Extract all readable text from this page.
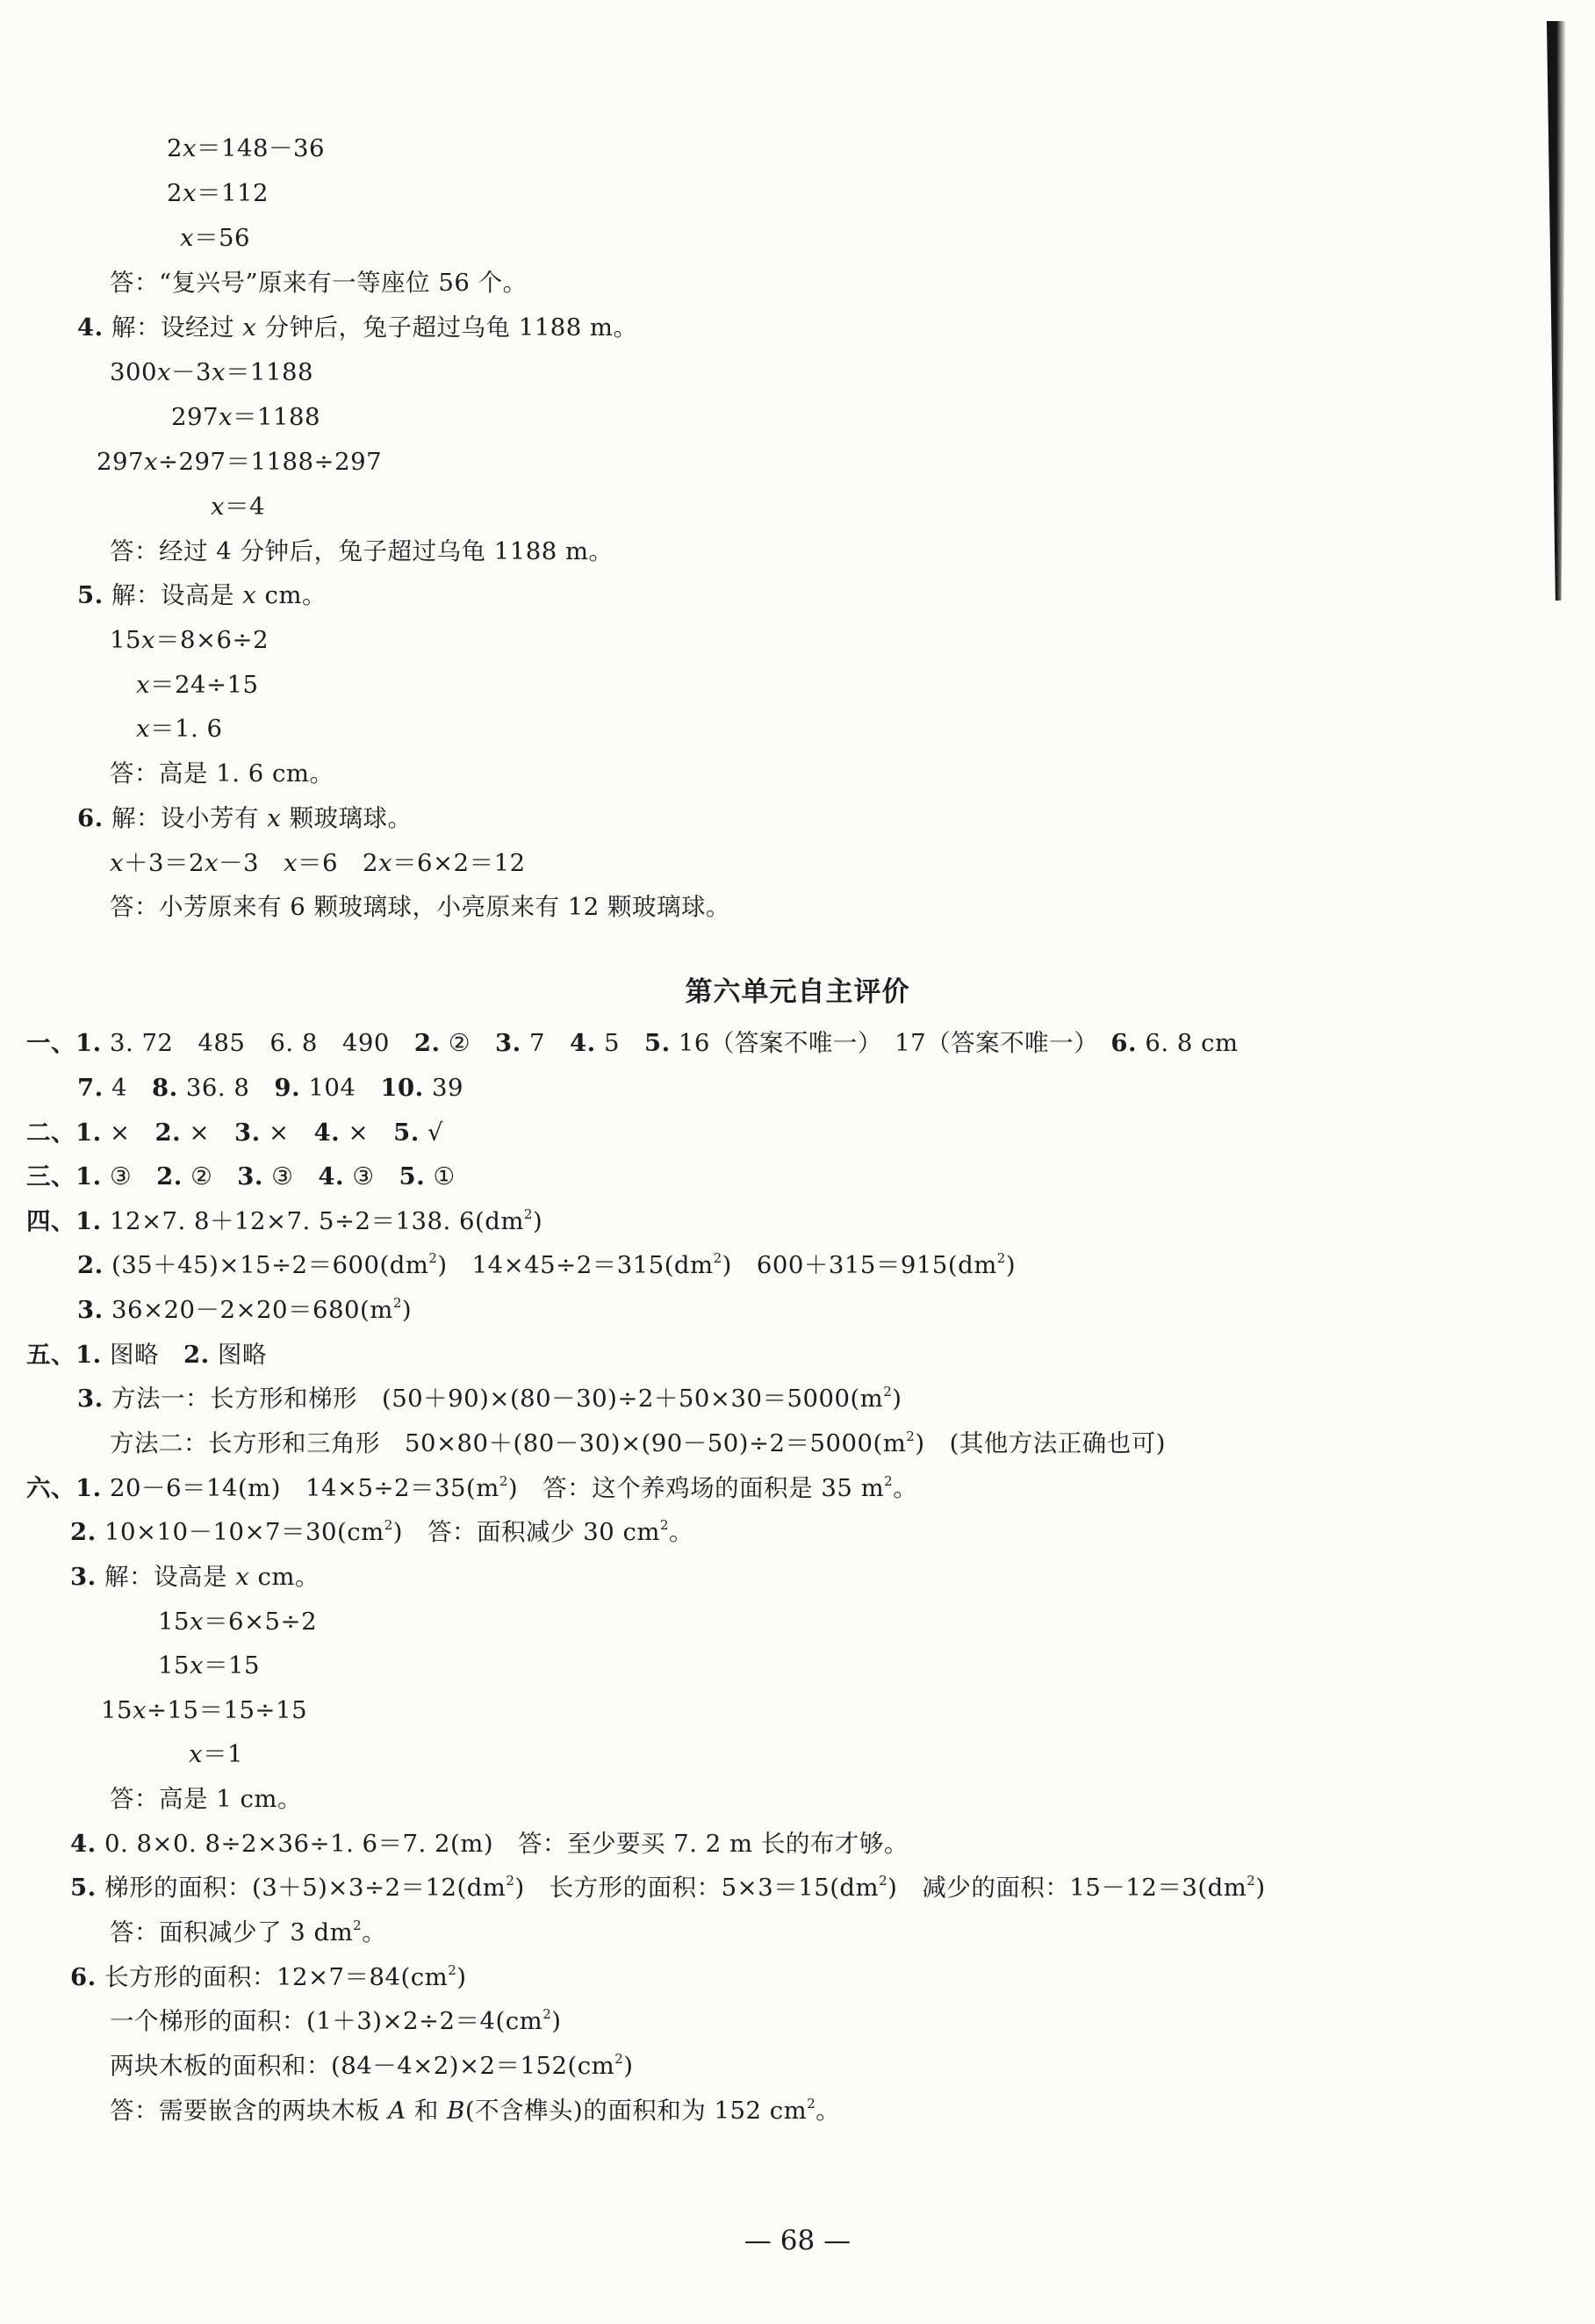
2x＝148－36
2x＝112
x＝56
答：“复兴号”原来有一等座位 56 个。
4. 解：设经过 x 分钟后，兔子超过乌龟 1188 m。
300x－3x＝1188
297x＝1188
297x÷297＝1188÷297
x＝4
答：经过 4 分钟后，兔子超过乌龟 1188 m。
5. 解：设高是 x cm。
15x＝8×6÷2
x＝24÷15
x＝1. 6
答：高是 1. 6 cm。
6. 解：设小芳有 x 颗玻璃球。
x＋3＝2x－3　x＝6　2x＝6×2＝12
答：小芳原来有 6 颗玻璃球，小亮原来有 12 颗玻璃球。
一、1. 3. 72　485　6. 8　490　2. ②　3. 7　4. 5　5. 16（答案不唯一）　17（答案不唯一）　6. 6. 8 cm
7. 4　8. 36. 8　9. 104　10. 39
二、1. ×　2. ×　3. ×　4. ×　5. √
三、1. ③　2. ②　3. ③　4. ③　5. ①
四、1. 12×7. 8＋12×7. 5÷2＝138. $6(dm^2)$
2. $(35+45)\times 15\div 2=600(dm^2)$　$14\times 45\div 2=315(dm^2)$　$600+315=915(dm^2)$
3. $36\times 20-2\times 20=680(m^2)$
五、1. 图略　2. 图略
3. 方法一：长方形和梯形　$(50+90)\times(80-30)\div 2+50\times 30=5000(m^2)$
方法二：长方形和三角形　$50\times 80+(80-30)\times(90-50)\div 2=5000(m^2)$　(其他方法正确也可)
六、1. 20－6＝14(m)　$14\times 5\div 2=35(m^2)$　答：这个养鸡场的面积是 35 $m^2$。
2. $10\times 10-10\times 7=30(cm^2)$　答：面积减少 30 $cm^2$。
3. 解：设高是 x cm。
15x＝6×5÷2
15x＝15
15x÷15＝15÷15
x＝1
答：高是 1 cm。
4. 0. 8×0. 8÷2×36÷1. 6＝7. 2(m)　答：至少要买 7. 2 m 长的布才够。
5. 梯形的面积：$(3+5)\times 3\div 2=12(dm^2)$　长方形的面积：$5\times 3=15(dm^2)$　减少的面积：$15-12=3(dm^2)$
答：面积减少了 3 $dm^2$。
6. 长方形的面积：$12\times 7=84(cm^2)$
一个梯形的面积：$(1+3)\times 2\div 2=4(cm^2)$
两块木板的面积和：$(84-4\times 2)\times 2=152(cm^2)$
答：需要嵌含的两块木板 A 和 B(不含榫头)的面积和为 152 $cm^2$。
第六单元自主评价
— 68 —
